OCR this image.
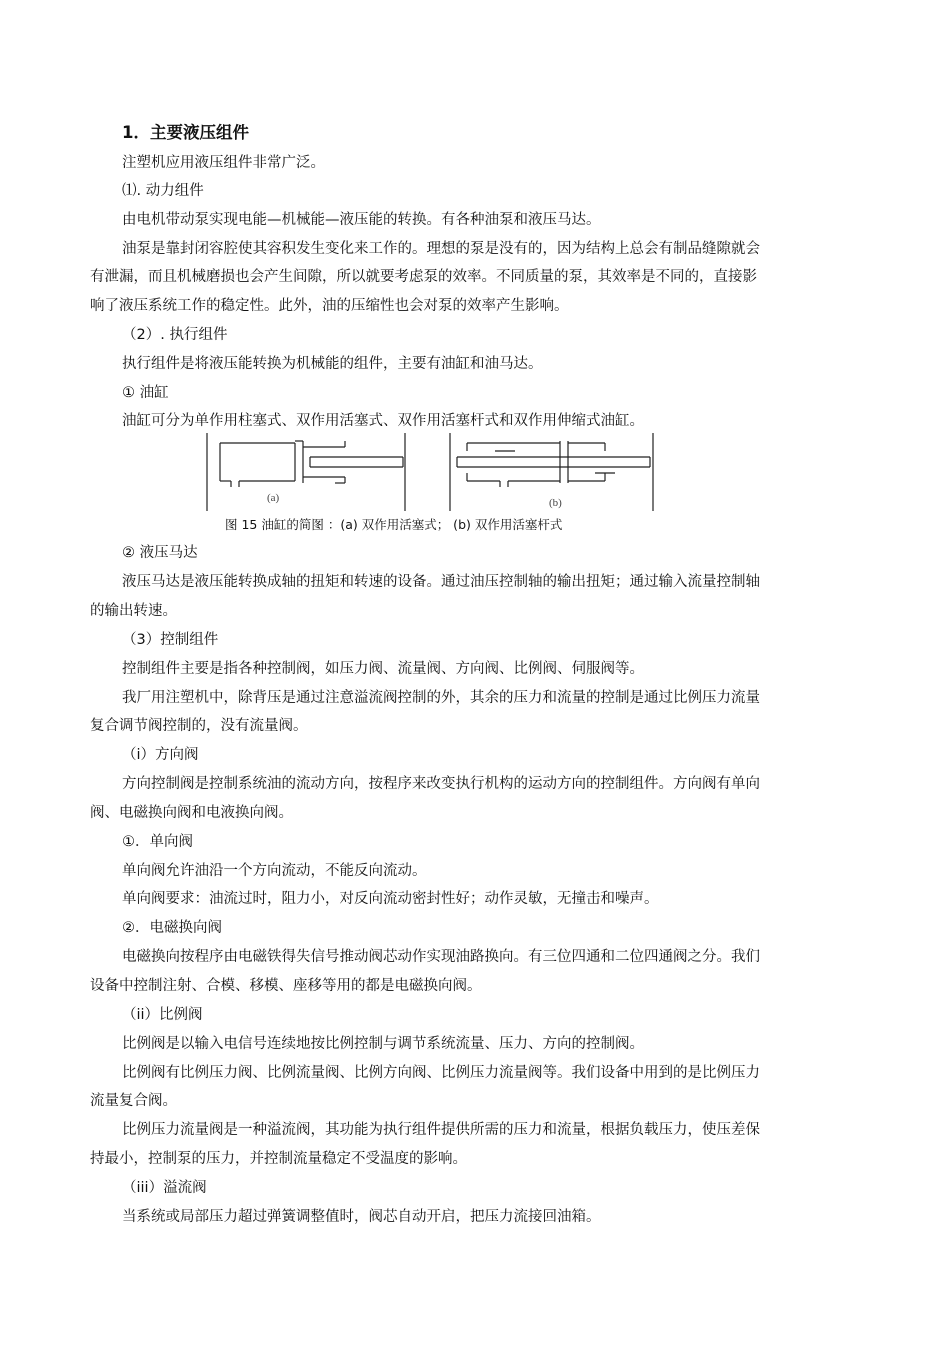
1．主要液压组件

注塑机应用液压组件非常广泛。

⑴. 动力组件

由电机带动泵实现电能—机械能—液压能的转换。有各种油泵和液压马达。

油泵是靠封闭容腔使其容积发生变化来工作的。理想的泵是没有的，因为结构上总会有制品缝隙就会

有泄漏，而且机械磨损也会产生间隙，所以就要考虑泵的效率。不同质量的泵，其效率是不同的，直接影

响了液压系统工作的稳定性。此外，油的压缩性也会对泵的效率产生影响。

（2）. 执行组件

执行组件是将液压能转换为机械能的组件，主要有油缸和油马达。

① 油缸

油缸可分为单作用柱塞式、双作用活塞式、双作用活塞杆式和双作用伸缩式油缸。

(a)	(b)

图 15 油缸的简图 ：(a) 双作用活塞式； (b) 双作用活塞杆式

② 液压马达

液压马达是液压能转换成轴的扭矩和转速的设备。通过油压控制轴的输出扭矩；通过输入流量控制轴

的输出转速。

（3）控制组件

控制组件主要是指各种控制阀，如压力阀、流量阀、方向阀、比例阀、伺服阀等。

我厂用注塑机中，除背压是通过注意溢流阀控制的外，其余的压力和流量的控制是通过比例压力流量

复合调节阀控制的，没有流量阀。

（i）方向阀

方向控制阀是控制系统油的流动方向，按程序来改变执行机构的运动方向的控制组件。方向阀有单向

阀、电磁换向阀和电液换向阀。

①．单向阀

单向阀允许油沿一个方向流动，不能反向流动。

单向阀要求：油流过时，阻力小，对反向流动密封性好；动作灵敏，无撞击和噪声。

②．电磁换向阀

电磁换向按程序由电磁铁得失信号推动阀芯动作实现油路换向。有三位四通和二位四通阀之分。我们

设备中控制注射、合模、移模、座移等用的都是电磁换向阀。

（ii）比例阀

比例阀是以输入电信号连续地按比例控制与调节系统流量、压力、方向的控制阀。

比例阀有比例压力阀、比例流量阀、比例方向阀、比例压力流量阀等。我们设备中用到的是比例压力

流量复合阀。

比例压力流量阀是一种溢流阀，其功能为执行组件提供所需的压力和流量，根据负载压力，使压差保

持最小，控制泵的压力，并控制流量稳定不受温度的影响。

（iii）溢流阀

当系统或局部压力超过弹簧调整值时，阀芯自动开启，把压力流接回油箱。
